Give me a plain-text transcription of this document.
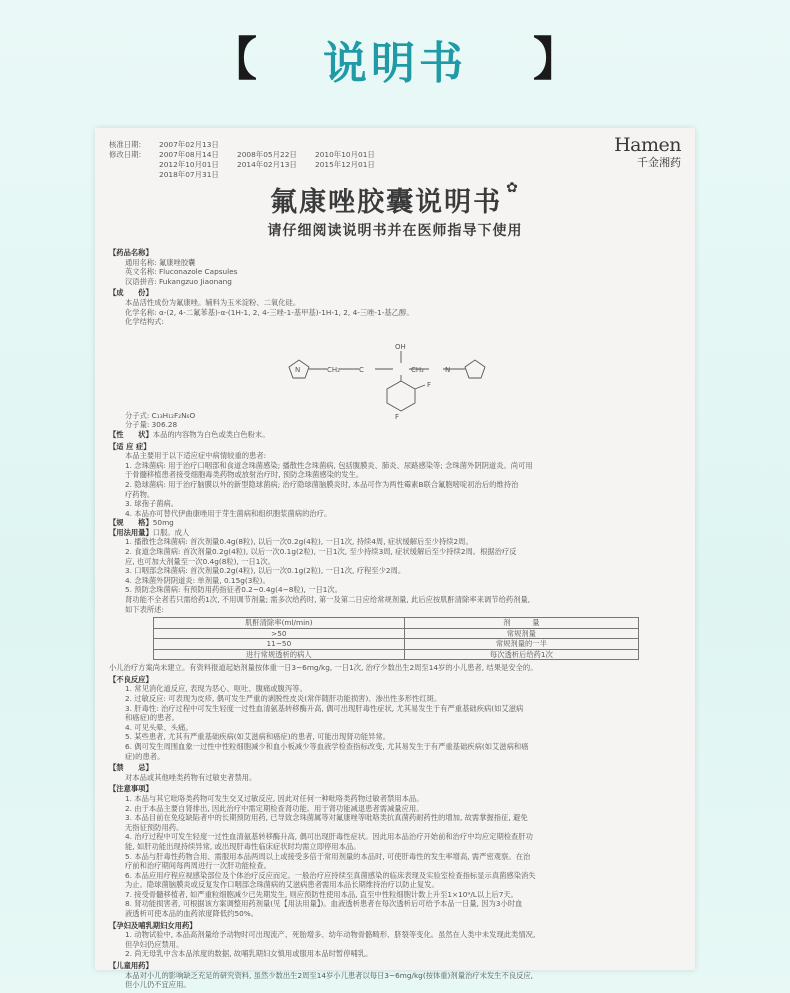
【 说明书 】
核准日期:	2007年02月13日
修改日期:	2007年08月14日	2008年05月22日	2010年10月01日
2012年10月01日	2014年02月13日	2015年12月01日
2018年07月31日
Hamen
千金湘药
氟康唑胶囊说明书 ✿
请仔细阅读说明书并在医师指导下使用
【药品名称】
通用名称: 氟康唑胶囊
英文名称: Fluconazole Capsules
汉语拼音: Fukangzuo Jiaonang
【成　　份】
本品活性成份为氟康唑。辅料为玉米淀粉、二氧化硅。
化学名称: α-(2, 4-二氟苯基)-α-(1H-1, 2, 4-三唑-1-基甲基)-1H-1, 2, 4-三唑-1-基乙醇。
化学结构式:
N	CH₂	C
OH
CH₂	N
F
F
分子式: C₁₃H₁₂F₂N₆O
分子量: 306.28
【性　　状】本品的内容物为白色或类白色粉末。
【适 应 症】
本品主要用于以下适应症中病情较重的患者:
1. 念珠菌病: 用于治疗口咽部和食道念珠菌感染; 播散性念珠菌病, 包括腹膜炎、肺炎、尿路感染等; 念珠菌外阴阴道炎。尚可用
于骨髓移植患者接受细胞毒类药物或放射治疗时, 预防念珠菌感染的发生。
2. 隐球菌病: 用于治疗脑膜以外的新型隐球菌病; 治疗隐球菌脑膜炎时, 本品可作为两性霉素B联合氟胞嘧啶初治后的维持治
疗药物。
3. 球孢子菌病。
4. 本品亦可替代伊曲康唑用于芽生菌病和组织胞浆菌病的治疗。
【规　　格】50mg
【用法用量】口服。成人
1. 播散性念珠菌病: 首次剂量0.4g(8粒), 以后一次0.2g(4粒), 一日1次, 持续4周, 症状缓解后至少持续2周。
2. 食道念珠菌病: 首次剂量0.2g(4粒), 以后一次0.1g(2粒), 一日1次, 至少持续3周, 症状缓解后至少持续2周。根据治疗反
应, 也可加大剂量至一次0.4g(8粒), 一日1次。
3. 口咽部念珠菌病: 首次剂量0.2g(4粒), 以后一次0.1g(2粒), 一日1次, 疗程至少2周。
4. 念珠菌外阴阴道炎: 单剂量, 0.15g(3粒)。
5. 预防念珠菌病: 有预防用药指征者0.2~0.4g(4~8粒), 一日1次。
肾功能不全者若只需给药1次, 不用调节剂量; 需多次给药时, 第一及第二日应给常规剂量, 此后应按肌酐清除率来调节给药剂量,
如下表所述:
肌酐清除率(ml/min)	剂　　　量
>50	常规剂量
11~50	常规剂量的一半
进行常规透析的病人	每次透析后给药1次
小儿治疗方案尚未建立。有资料报道起始剂量按体重一日3~6mg/kg, 一日1次, 治疗少数出生2周至14岁的小儿患者, 结果是安全的。
【不良反应】
1. 常见消化道反应, 表现为恶心、呕吐、腹痛或腹泻等。
2. 过敏反应: 可表现为皮疹, 偶可发生严重的剥脱性皮炎(常伴随肝功能损害)、渗出性多形性红斑。
3. 肝毒性: 治疗过程中可发生轻度一过性血清氨基转移酶升高, 偶可出现肝毒性症状, 尤其易发生于有严重基础疾病(如艾滋病
和癌症)的患者。
4. 可见头晕、头痛。
5. 某些患者, 尤其有严重基础疾病(如艾滋病和癌症)的患者, 可能出现肾功能异常。
6. 偶可发生周围血象一过性中性粒细胞减少和血小板减少等血液学检查指标改变, 尤其易发生于有严重基础疾病(如艾滋病和癌
症)的患者。
【禁　　忌】
对本品或其他唑类药物有过敏史者禁用。
【注意事项】
1. 本品与其它吡咯类药物可发生交叉过敏反应, 因此对任何一种吡咯类药物过敏者禁用本品。
2. 由于本品主要自肾排出, 因此治疗中需定期检查肾功能。用于肾功能减退患者需减量应用。
3. 本品目前在免疫缺陷者中的长期预防用药, 已导致念珠菌属等对氟康唑等吡咯类抗真菌药耐药性的增加, 故需掌握指征, 避免
无指征预防用药。
4. 治疗过程中可发生轻度一过性血清氨基转移酶升高, 偶可出现肝毒性症状。因此用本品治疗开始前和治疗中均应定期检查肝功
能, 如肝功能出现持续异常, 或出现肝毒性临床症状时均需立即停用本品。
5. 本品与肝毒性药物合用、需服用本品两周以上或接受多倍于常用剂量的本品时, 可使肝毒性的发生率增高, 需严密观察。在治
疗前和治疗期间每两周进行一次肝功能检查。
6. 本品应用疗程应视感染部位及个体治疗反应而定。一般治疗应持续至真菌感染的临床表现及实验室检查指标显示真菌感染消失
为止。隐球菌脑膜炎或反复发作口咽部念珠菌病的艾滋病患者需用本品长期维持治疗以防止复发。
7. 接受骨髓移植者, 如严重粒细胞减少已先期发生, 则应预防性使用本品, 直至中性粒细胞计数上升至1×10⁹/L以上后7天。
8. 肾功能损害者, 可根据该方案调整用药剂量(见【用法用量】)。血液透析患者在每次透析后可给予本品一日量, 因为3小时血
液透析可使本品的血药浓度降低约50%。
【孕妇及哺乳期妇女用药】
1. 动物试验中, 本品高剂量给予动物时可出现流产、死胎增多、幼年动物骨骼畸形、脐裂等变化。虽然在人类中未发现此类情况,
但孕妇仍应禁用。
2. 尚无母乳中含本品浓度的数据, 故哺乳期妇女慎用或服用本品时暂停哺乳。
【儿童用药】
本品对小儿的影响缺乏充足的研究资料, 虽然少数出生2周至14岁小儿患者以每日3~6mg/kg(按体重)剂量治疗未发生不良反应,
但小儿仍不宜应用。
